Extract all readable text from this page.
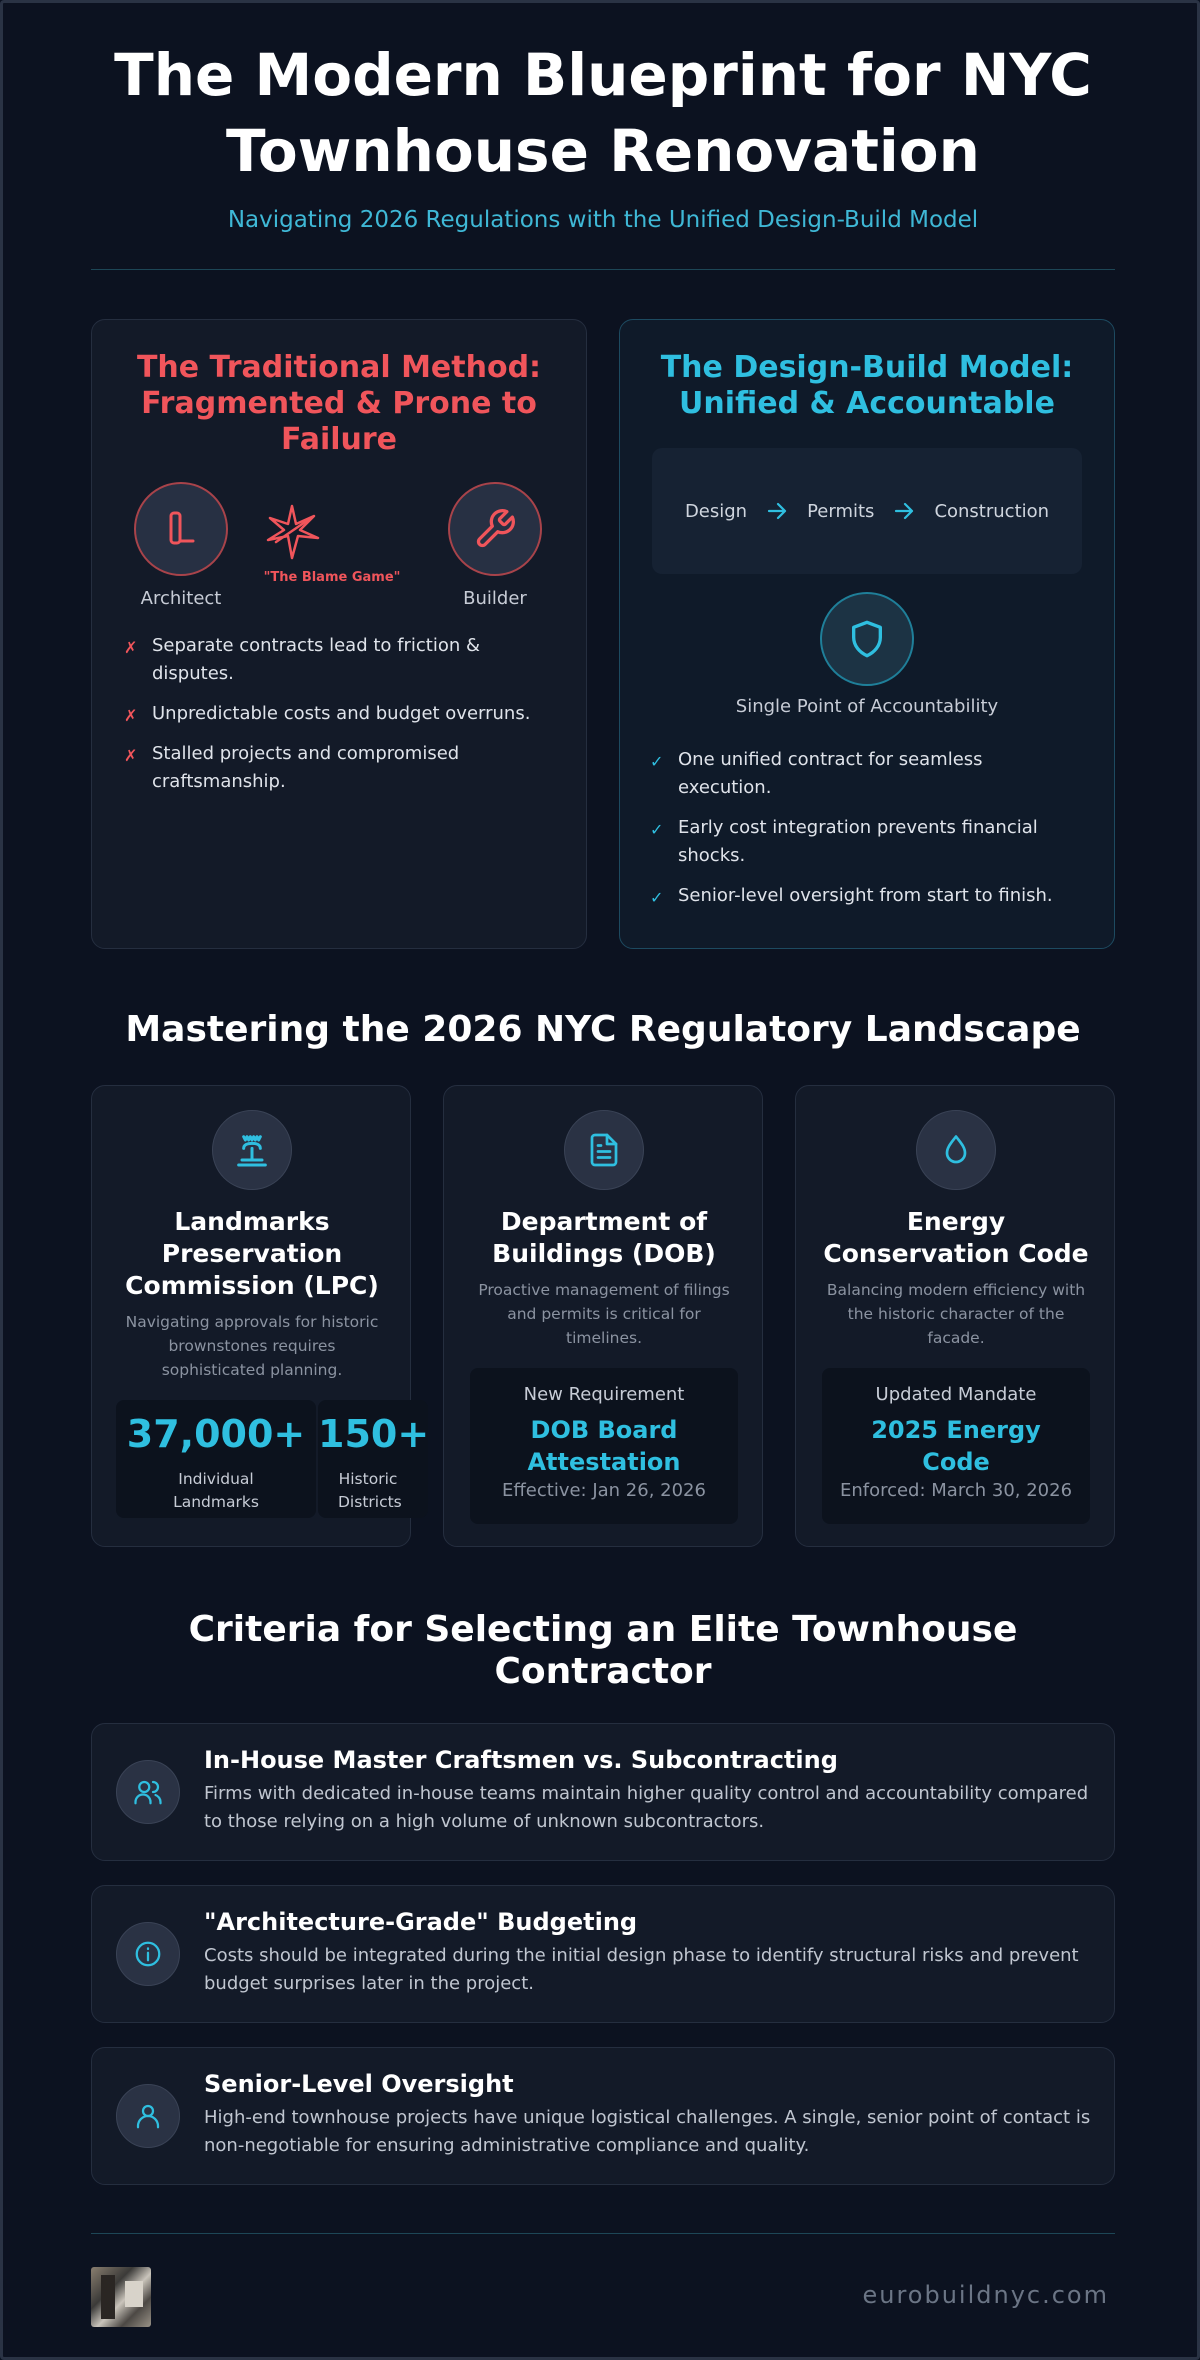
The Modern Blueprint for NYC Townhouse Renovation
Navigating 2026 Regulations with the Unified Design-Build Model
The Traditional Method: Fragmented & Prone to Failure
Architect
"The Blame Game"
Builder
✗ Separate contracts lead to friction & disputes.
✗ Unpredictable costs and budget overruns.
✗ Stalled projects and compromised craftsmanship.
The Design-Build Model: Unified & Accountable
Design	Permits	Construction
Single Point of Accountability
✓ One unified contract for seamless execution.
✓ Early cost integration prevents financial shocks.
✓ Senior-level oversight from start to finish.
Mastering the 2026 NYC Regulatory Landscape
Landmarks Preservation Commission (LPC)
Navigating approvals for historic brownstones requires sophisticated planning.
37,000+
Individual Landmarks
150+
Historic Districts
Department of Buildings (DOB)
Proactive management of filings and permits is critical for timelines.
New Requirement
DOB Board Attestation
Effective: Jan 26, 2026
Energy Conservation Code
Balancing modern efficiency with the historic character of the facade.
Updated Mandate
2025 Energy Code
Enforced: March 30, 2026
Criteria for Selecting an Elite Townhouse Contractor
In-House Master Craftsmen vs. Subcontracting
Firms with dedicated in-house teams maintain higher quality control and accountability compared to those relying on a high volume of unknown subcontractors.
"Architecture-Grade" Budgeting
Costs should be integrated during the initial design phase to identify structural risks and prevent budget surprises later in the project.
Senior-Level Oversight
High-end townhouse projects have unique logistical challenges. A single, senior point of contact is non-negotiable for ensuring administrative compliance and quality.
eurobuildnyc.com
